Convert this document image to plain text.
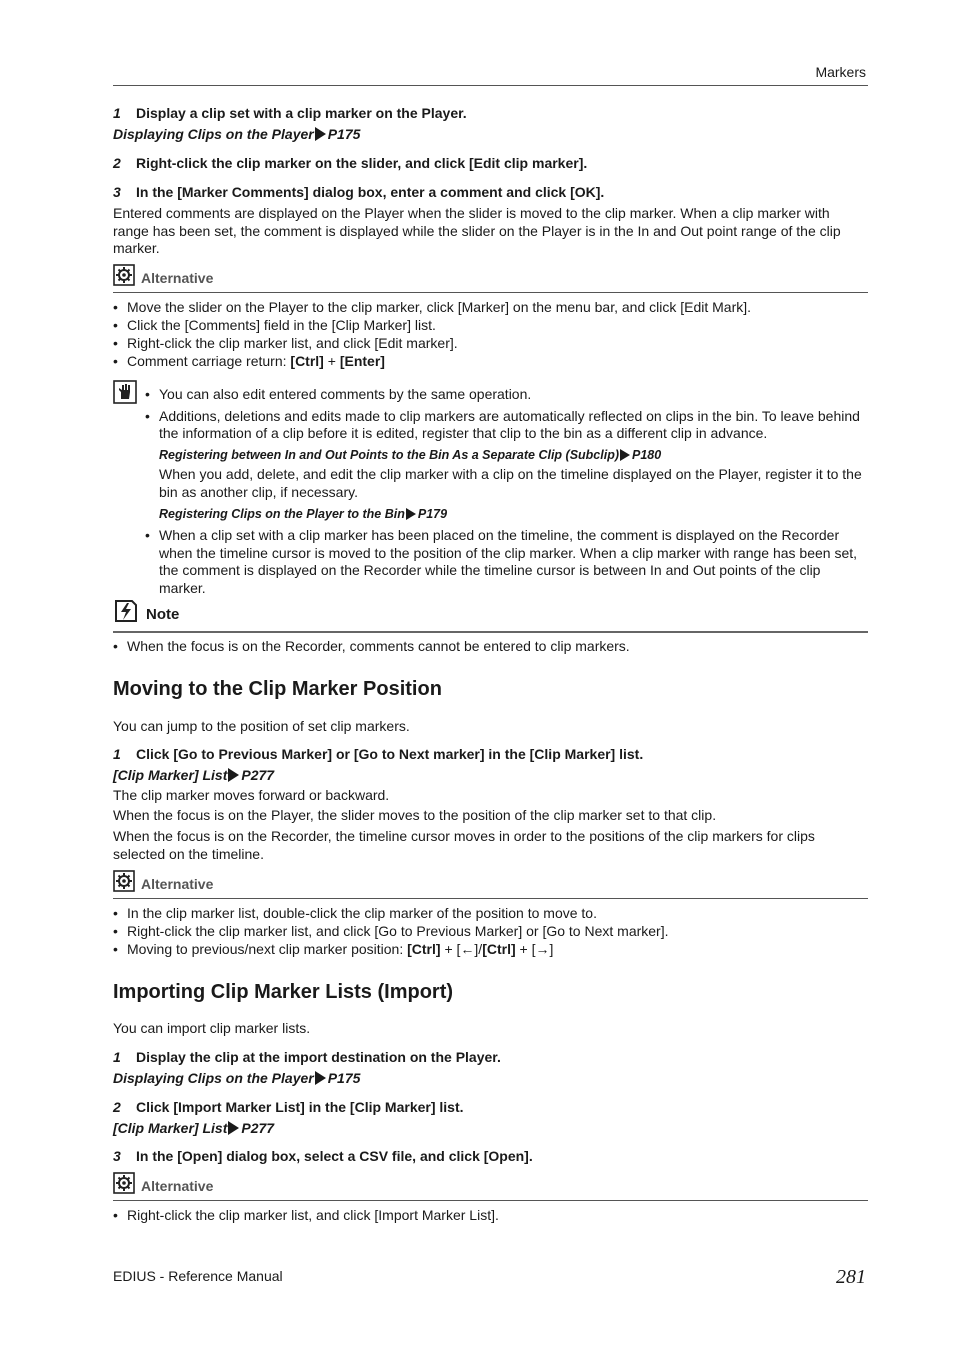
Markers
1 Display a clip set with a clip marker on the Player.
Displaying Clips on the Player P175
2 Right-click the clip marker on the slider, and click [Edit clip marker].
3 In the [Marker Comments] dialog box, enter a comment and click [OK].
Entered comments are displayed on the Player when the slider is moved to the clip marker. When a clip marker with range has been set, the comment is displayed while the slider on the Player is in the In and Out point range of the clip marker.
Alternative
• Move the slider on the Player to the clip marker, click [Marker] on the menu bar, and click [Edit Mark].
• Click the [Comments] field in the [Clip Marker] list.
• Right-click the clip marker list, and click [Edit marker].
• Comment carriage return: [Ctrl] + [Enter]
• You can also edit entered comments by the same operation.
• Additions, deletions and edits made to clip markers are automatically reflected on clips in the bin. To leave behind the information of a clip before it is edited, register that clip to the bin as a different clip in advance.
Registering between In and Out Points to the Bin As a Separate Clip (Subclip) P180
When you add, delete, and edit the clip marker with a clip on the timeline displayed on the Player, register it to the bin as another clip, if necessary.
Registering Clips on the Player to the Bin P179
• When a clip set with a clip marker has been placed on the timeline, the comment is displayed on the Recorder when the timeline cursor is moved to the position of the clip marker. When a clip marker with range has been set, the comment is displayed on the Recorder while the timeline cursor is between In and Out points of the clip marker.
Note
• When the focus is on the Recorder, comments cannot be entered to clip markers.
Moving to the Clip Marker Position
You can jump to the position of set clip markers.
1 Click [Go to Previous Marker] or [Go to Next marker] in the [Clip Marker] list.
[Clip Marker] List P277
The clip marker moves forward or backward.
When the focus is on the Player, the slider moves to the position of the clip marker set to that clip.
When the focus is on the Recorder, the timeline cursor moves in order to the positions of the clip markers for clips selected on the timeline.
Alternative
• In the clip marker list, double-click the clip marker of the position to move to.
• Right-click the clip marker list, and click [Go to Previous Marker] or [Go to Next marker].
• Moving to previous/next clip marker position: [Ctrl] + [←]/[Ctrl] + [→]
Importing Clip Marker Lists (Import)
You can import clip marker lists.
1 Display the clip at the import destination on the Player.
Displaying Clips on the Player P175
2 Click [Import Marker List] in the [Clip Marker] list.
[Clip Marker] List P277
3 In the [Open] dialog box, select a CSV file, and click [Open].
Alternative
• Right-click the clip marker list, and click [Import Marker List].
EDIUS - Reference Manual	281
